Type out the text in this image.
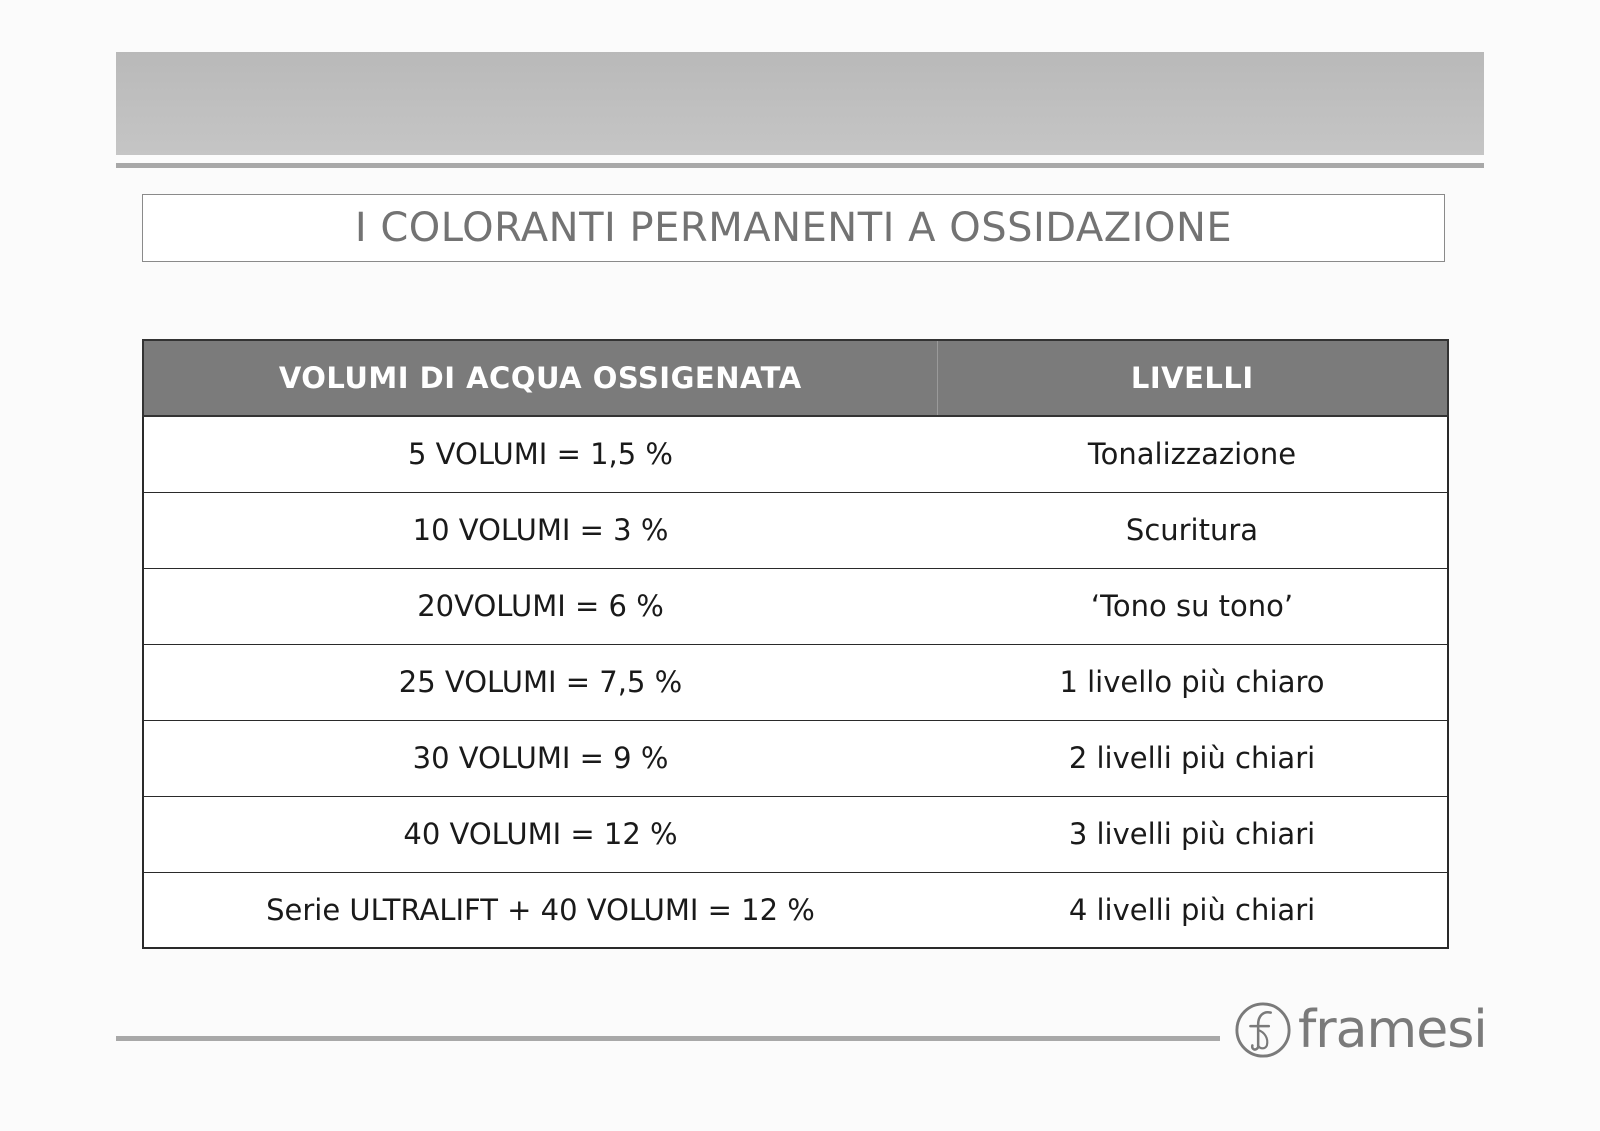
I COLORANTI PERMANENTI A OSSIDAZIONE
VOLUMI DI ACQUA OSSIGENATA	LIVELLI
5 VOLUMI = 1,5 %	Tonalizzazione
10 VOLUMI = 3 %	Scuritura
20VOLUMI = 6 %	‘Tono su tono’
25 VOLUMI = 7,5 %	1 livello più chiaro
30 VOLUMI = 9 %	2 livelli più chiari
40 VOLUMI = 12 %	3 livelli più chiari
Serie ULTRALIFT + 40 VOLUMI = 12 %	4 livelli più chiari
framesi
